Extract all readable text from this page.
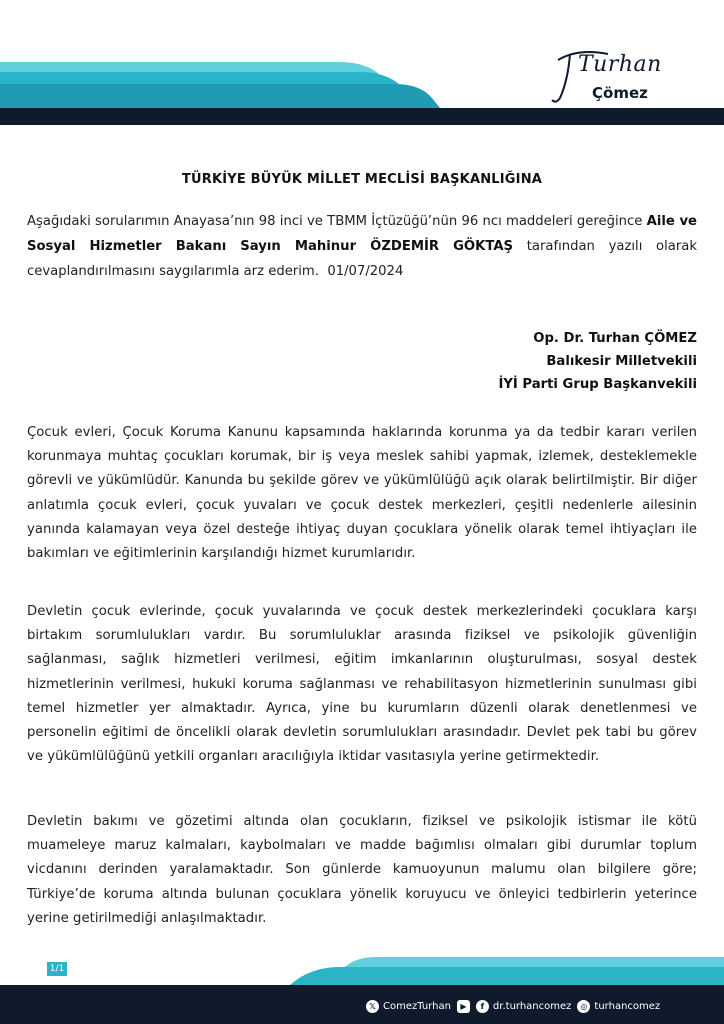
Turhan
Çömez
TÜRKİYE BÜYÜK MİLLET MECLİSİ BAŞKANLIĞINA
Aşağıdaki sorularımın Anayasa’nın 98 inci ve TBMM İçtüzüğü’nün 96 ncı maddeleri gereğince Aile ve Sosyal Hizmetler Bakanı Sayın Mahinur ÖZDEMİR GÖKTAŞ tarafından yazılı olarak cevaplandırılmasını saygılarımla arz ederim. 01/07/2024
Op. Dr. Turhan ÇÖMEZ
Balıkesir Milletvekili
İYİ Parti Grup Başkanvekili
Çocuk evleri, Çocuk Koruma Kanunu kapsamında haklarında korunma ya da tedbir kararı verilen korunmaya muhtaç çocukları korumak, bir iş veya meslek sahibi yapmak, izlemek, desteklemekle görevli ve yükümlüdür. Kanunda bu şekilde görev ve yükümlülüğü açık olarak belirtilmiştir. Bir diğer anlatımla çocuk evleri, çocuk yuvaları ve çocuk destek merkezleri, çeşitli nedenlerle ailesinin yanında kalamayan veya özel desteğe ihtiyaç duyan çocuklara yönelik olarak temel ihtiyaçları ile bakımları ve eğitimlerinin karşılandığı hizmet kurumlarıdır.
Devletin çocuk evlerinde, çocuk yuvalarında ve çocuk destek merkezlerindeki çocuklara karşı birtakım sorumlulukları vardır. Bu sorumluluklar arasında fiziksel ve psikolojik güvenliğin sağlanması, sağlık hizmetleri verilmesi, eğitim imkanlarının oluşturulması, sosyal destek hizmetlerinin verilmesi, hukuki koruma sağlanması ve rehabilitasyon hizmetlerinin sunulması gibi temel hizmetler yer almaktadır. Ayrıca, yine bu kurumların düzenli olarak denetlenmesi ve personelin eğitimi de öncelikli olarak devletin sorumlulukları arasındadır. Devlet pek tabi bu görev ve yükümlülüğünü yetkili organları aracılığıyla iktidar vasıtasıyla yerine getirmektedir.
Devletin bakımı ve gözetimi altında olan çocukların, fiziksel ve psikolojik istismar ile kötü muameleye maruz kalmaları, kaybolmaları ve madde bağımlısı olmaları gibi durumlar toplum vicdanını derinden yaralamaktadır. Son günlerde kamuoyunun malumu olan bilgilere göre; Türkiye’de koruma altında bulunan çocuklara yönelik koruyucu ve önleyici tedbirlerin yeterince yerine getirilmediği anlaşılmaktadır.
1/1
𝕏 ComezTurhan	▶	f dr.turhancomez	◎ turhancomez
